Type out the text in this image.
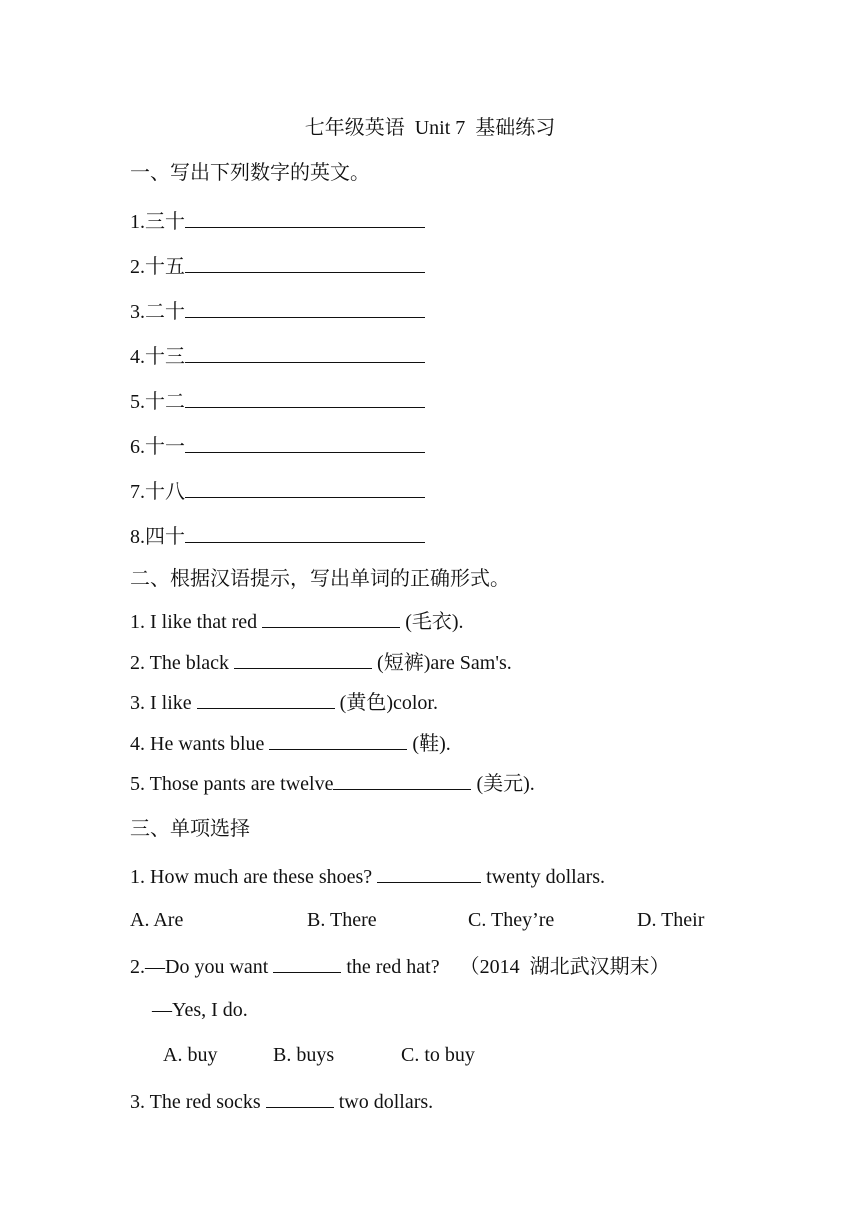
七年级英语  Unit 7  基础练习
一、写出下列数字的英文。
1.三十
2.十五
3.二十
4.十三
5.十二
6.十一
7.十八
8.四十
二、根据汉语提示，写出单词的正确形式。
1. I like that red	(毛衣).
2. The black	(短裤)are Sam's.
3. I like	(黄色)color.
4. He wants blue	(鞋).
5. Those pants are twelve	(美元).
三、单项选择
1. How much are these shoes?	twenty dollars.
A. Are	B. There	C. They’re	D. Their
2.—Do you want	the red hat?    （2014  湖北武汉期末）
—Yes, I do.
A. buy	B. buys	C. to buy
3. The red socks	two dollars.
